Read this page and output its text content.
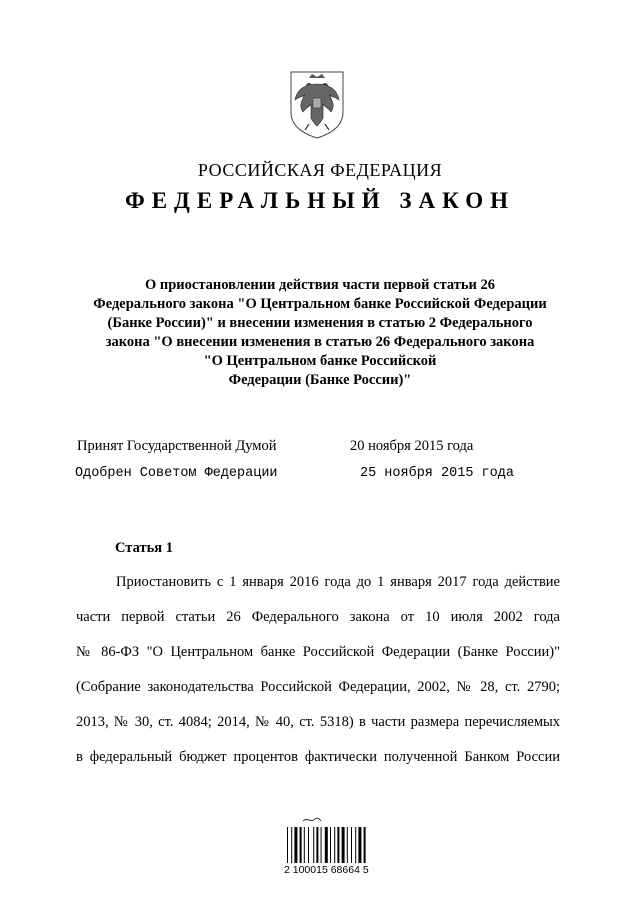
РОССИЙСКАЯ ФЕДЕРАЦИЯ
ФЕДЕРАЛЬНЫЙ ЗАКОН
О приостановлении действия части первой статьи 26
Федерального закона "О Центральном банке Российской Федерации
(Банке России)" и внесении изменения в статью 2 Федерального
закона "О внесении изменения в статью 26 Федерального закона
"О Центральном банке Российской
Федерации (Банке России)"
Принят Государственной Думой	20 ноября 2015 года
Одобрен Советом Федерации	25 ноября 2015 года
Статья 1
Приостановить с 1 января 2016 года до 1 января 2017 года действие
части первой статьи 26 Федерального закона от 10 июля 2002 года
№ 86-ФЗ "О Центральном банке Российской Федерации (Банке России)"
(Собрание законодательства Российской Федерации, 2002, № 28, ст. 2790;
2013, № 30, ст. 4084; 2014, № 40, ст. 5318) в части размера перечисляемых
в федеральный бюджет процентов фактически полученной Банком России
2 100015 68664 5
